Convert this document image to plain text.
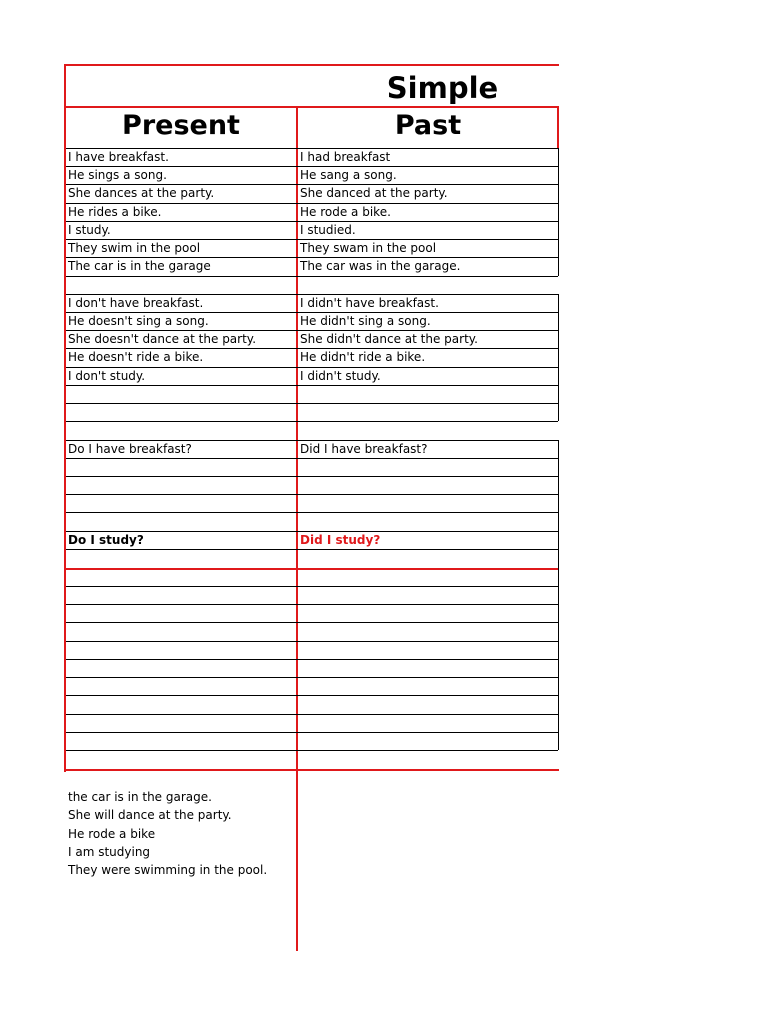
Simple
Present	Past
I have breakfast.	I had breakfast
He sings a song.	He sang a song.
She dances at the party.	She danced at the party.
He rides a bike.	He rode a bike.
I study.	I studied.
They swim in the pool	They swam in the pool
The car is in the garage	The car was in the garage.
I don't have breakfast.	I didn't have breakfast.
He doesn't sing a song.	He didn't sing a song.
She doesn't dance at the party.	She didn't dance at the party.
He doesn't ride a bike.	He didn't ride a bike.
I don't study.	I didn't study.
Do I have breakfast?	Did I have breakfast?
Do I study?	Did I study?
the car is in the garage.
She will dance at the party.
He rode a bike
I am studying
They were swimming in the pool.
